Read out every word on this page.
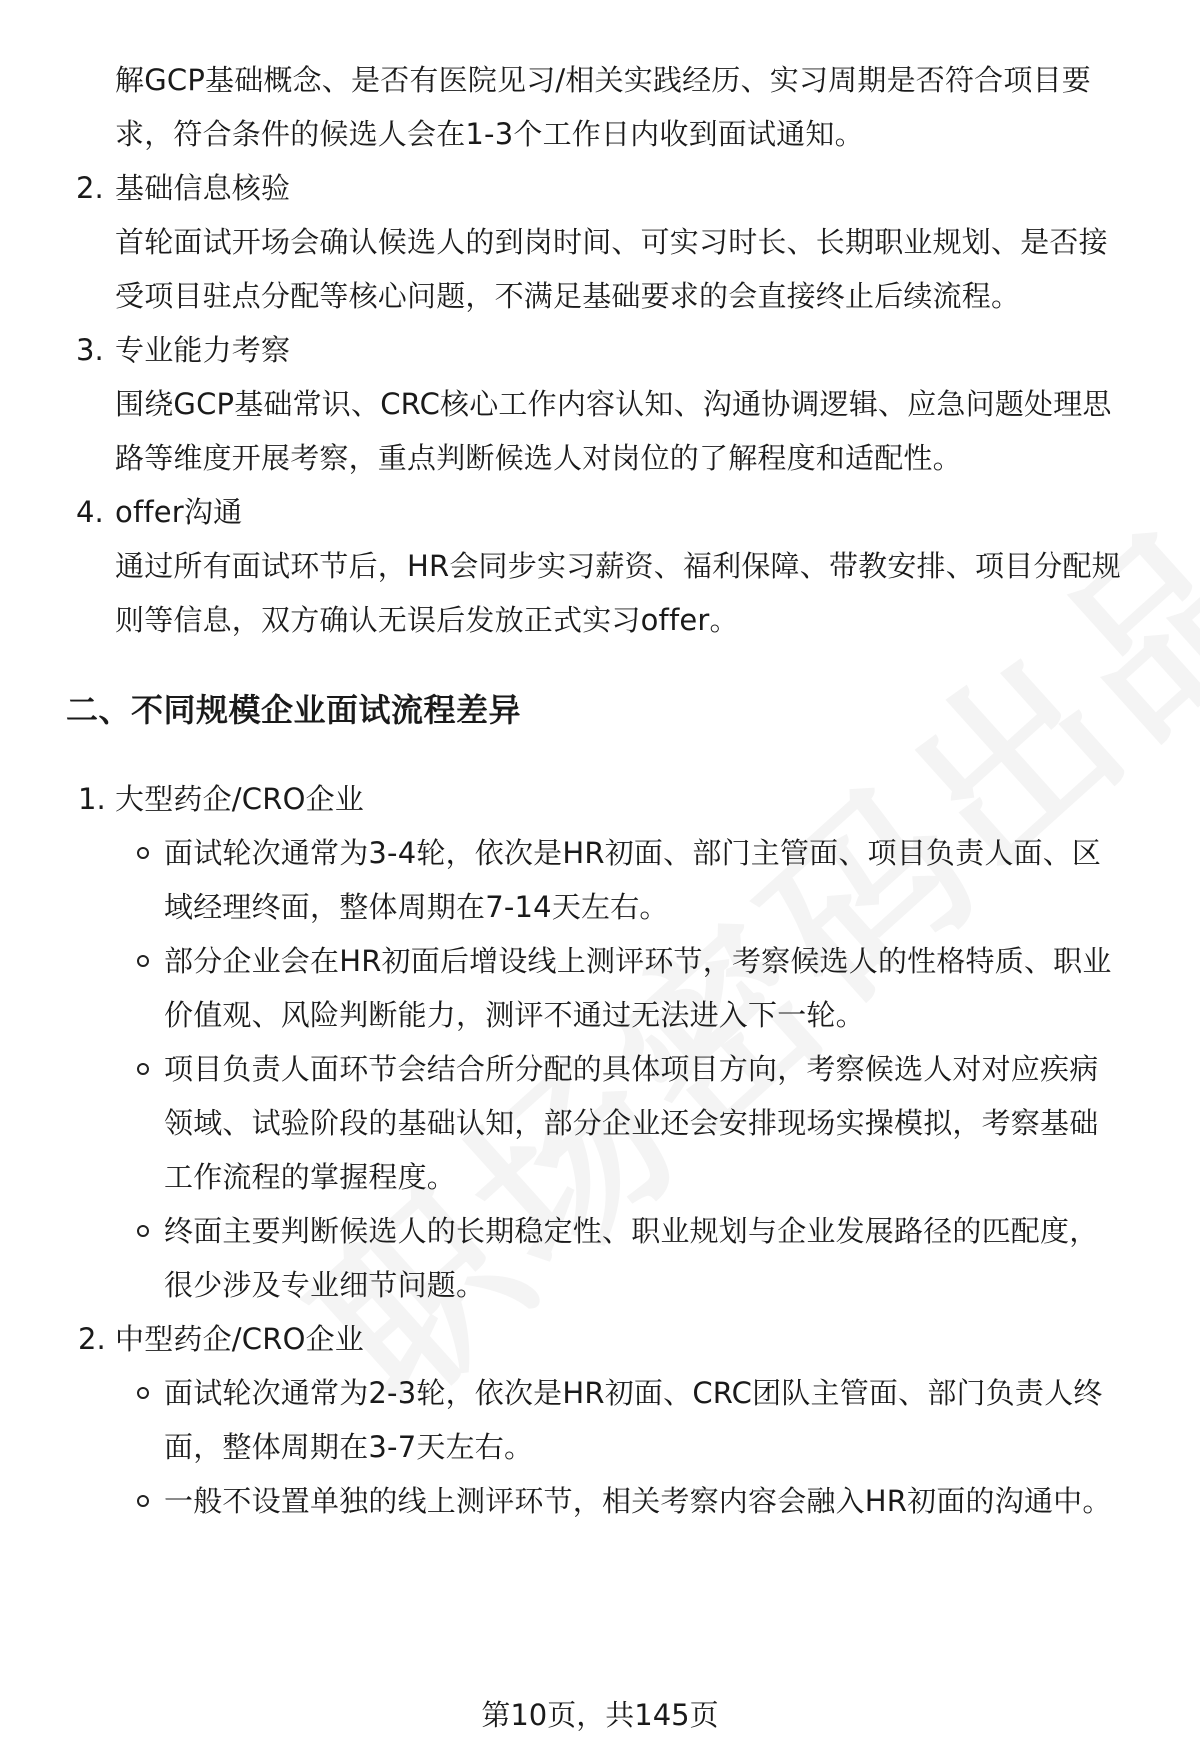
解GCP基础概念、是否有医院见习/相关实践经历、实习周期是否符合项目要
求，符合条件的候选人会在1-3个工作日内收到面试通知。
2. 基础信息核验
首轮面试开场会确认候选人的到岗时间、可实习时长、长期职业规划、是否接
受项目驻点分配等核心问题，不满足基础要求的会直接终止后续流程。
3. 专业能力考察
围绕GCP基础常识、CRC核心工作内容认知、沟通协调逻辑、应急问题处理思
路等维度开展考察，重点判断候选人对岗位的了解程度和适配性。
4. offer沟通
通过所有面试环节后，HR会同步实习薪资、福利保障、带教安排、项目分配规
则等信息，双方确认无误后发放正式实习offer。
二、不同规模企业面试流程差异
1. 大型药企/CRO企业
面试轮次通常为3-4轮，依次是HR初面、部门主管面、项目负责人面、区
域经理终面，整体周期在7-14天左右。
部分企业会在HR初面后增设线上测评环节，考察候选人的性格特质、职业
价值观、风险判断能力，测评不通过无法进入下一轮。
项目负责人面环节会结合所分配的具体项目方向，考察候选人对对应疾病
领域、试验阶段的基础认知，部分企业还会安排现场实操模拟，考察基础
工作流程的掌握程度。
终面主要判断候选人的长期稳定性、职业规划与企业发展路径的匹配度，
很少涉及专业细节问题。
2. 中型药企/CRO企业
面试轮次通常为2-3轮，依次是HR初面、CRC团队主管面、部门负责人终
面，整体周期在3-7天左右。
一般不设置单独的线上测评环节，相关考察内容会融入HR初面的沟通中。
第10页，共145页
